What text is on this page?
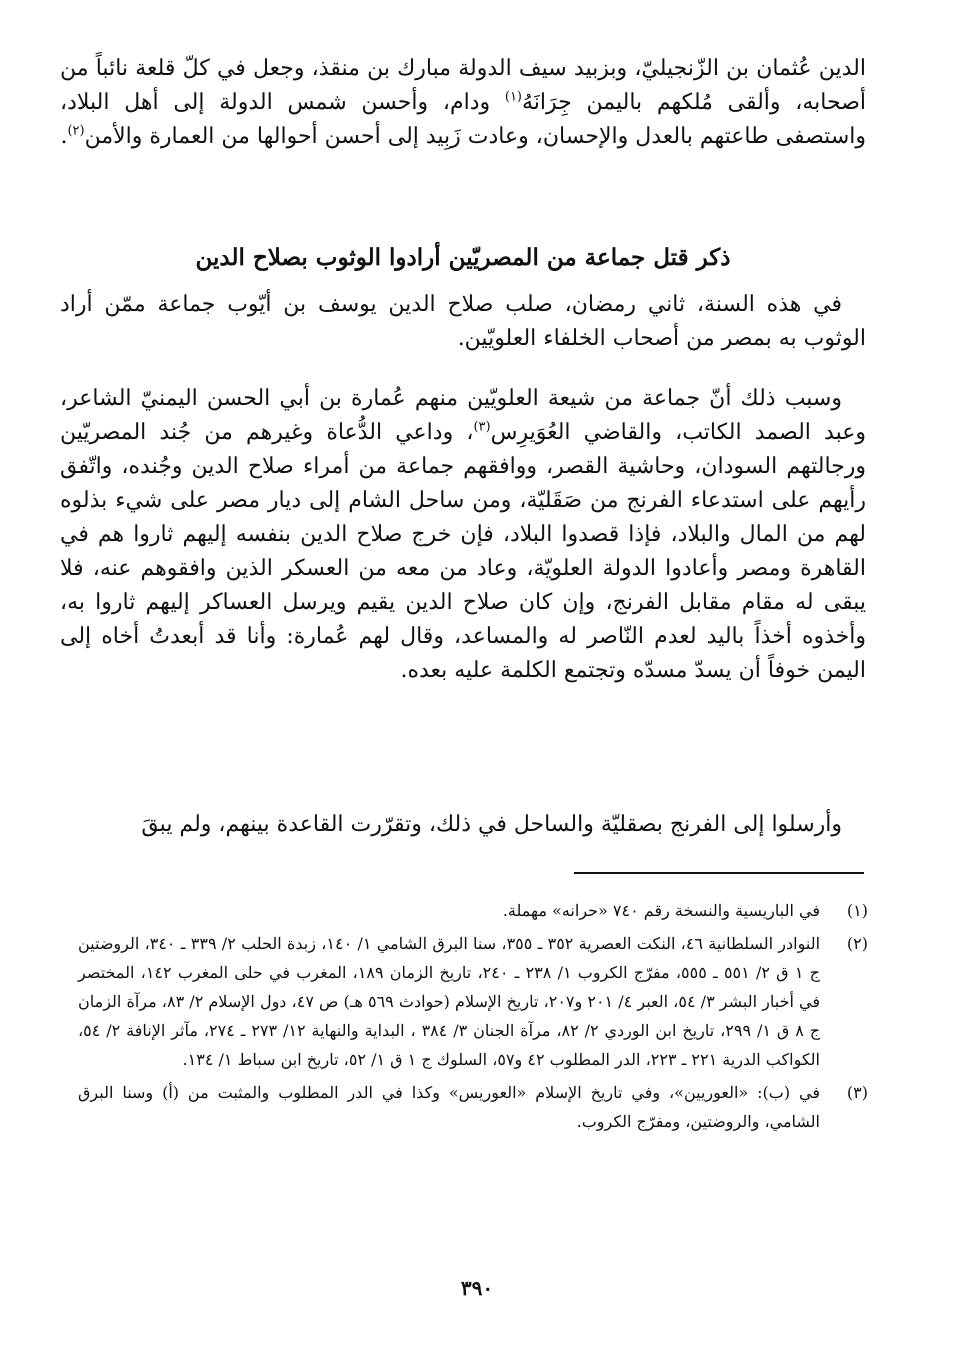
الدين عُثمان بن الزّنجيليّ، وبزبيد سيف الدولة مبارك بن منقذ، وجعل في كلّ قلعة نائباً من أصحابه، وألقى مُلكهم باليمن جِرَانَهُ$^{(١)}$ ودام، وأحسن شمس الدولة إلى أهل البلاد، واستصفى طاعتهم بالعدل والإحسان، وعادت زَبِيد إلى أحسن أحوالها من العمارة والأمن$^{(٢)}$.

ذكر قتل جماعة من المصريّين أرادوا الوثوب بصلاح الدين

في هذه السنة، ثاني رمضان، صلب صلاح الدين يوسف بن أيّوب جماعة ممّن أراد الوثوب به بمصر من أصحاب الخلفاء العلويّين.

وسبب ذلك أنّ جماعة من شيعة العلويّين منهم عُمارة بن أبي الحسن اليمنيّ الشاعر، وعبد الصمد الكاتب، والقاضي العُوَيرِس$^{(٣)}$، وداعي الدُّعاة وغيرهم من جُند المصريّين ورجالتهم السودان، وحاشية القصر، ووافقهم جماعة من أمراء صلاح الدين وجُنده، واتّفق رأيهم على استدعاء الفرنج من صَقَليّة، ومن ساحل الشام إلى ديار مصر على شيء بذلوه لهم من المال والبلاد، فإذا قصدوا البلاد، فإن خرج صلاح الدين بنفسه إليهم ثاروا هم في القاهرة ومصر وأعادوا الدولة العلويّة، وعاد من معه من العسكر الذين وافقوهم عنه، فلا يبقى له مقام مقابل الفرنج، وإن كان صلاح الدين يقيم ويرسل العساكر إليهم ثاروا به، وأخذوه أخذاً باليد لعدم النّاصر له والمساعد، وقال لهم عُمارة: وأنا قد أبعدتُ أخاه إلى اليمن خوفاً أن يسدّ مسدّه وتجتمع الكلمة عليه بعده.

وأرسلوا إلى الفرنج بصقليّة والساحل في ذلك، وتقرّرت القاعدة بينهم، ولم يبقَ

(١)
في الباريسية والنسخة رقم ٧٤٠ «حرانه» مهملة.
(٢)
النوادر السلطانية ٤٦، النكت العصرية ٣٥٢ ـ ٣٥٥، سنا البرق الشامي ١/ ١٤٠، زبدة الحلب ٢/ ٣٣٩ ـ ٣٤٠، الروضتين ج ١ ق ٢/ ٥٥١ ـ ٥٥٥، مفرّج الكروب ١/ ٢٣٨ ـ ٢٤٠، تاريخ الزمان ١٨٩، المغرب في حلى المغرب ١٤٢، المختصر في أخبار البشر ٣/ ٥٤، العبر ٤/ ٢٠١ و٢٠٧، تاريخ الإسلام (حوادث ٥٦٩ هـ) ص ٤٧، دول الإسلام ٢/ ٨٣، مرآة الزمان ج ٨ ق ١/ ٢٩٩، تاريخ ابن الوردي ٢/ ٨٢، مرآة الجنان ٣/ ٣٨٤ ، البداية والنهاية ١٢/ ٢٧٣ ـ ٢٧٤، مآثر الإنافة ٢/ ٥٤، الكواكب الدرية ٢٢١ ـ ٢٢٣، الدر المطلوب ٤٢ و٥٧، السلوك ج ١ ق ١/ ٥٢، تاريخ ابن سباط ١/ ١٣٤.
(٣)
في (ب): «العوريين»، وفي تاريخ الإسلام «العوريس» وكذا في الدر المطلوب والمثبت من (أ) وسنا البرق الشامي، والروضتين، ومفرّج الكروب.
٣٩٠
